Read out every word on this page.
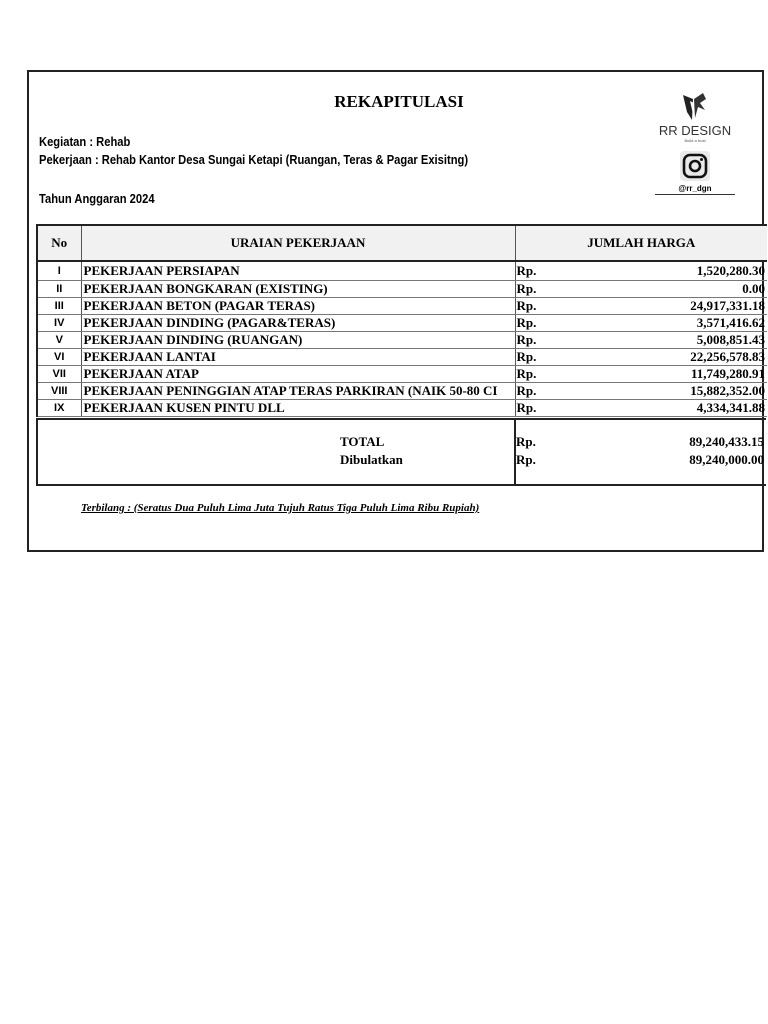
REKAPITULASI
Kegiatan : Rehab
Pekerjaan : Rehab Kantor Desa Sungai Ketapi (Ruangan, Teras & Pagar Exisitng)
Tahun Anggaran 2024
RR DESIGN
Build a trust
@rr_dgn
No	URAIAN PEKERJAAN	JUMLAH HARGA	

I	PEKERJAAN PERSIAPAN	Rp.	1,520,280.30
II	PEKERJAAN BONGKARAN (EXISTING)	Rp.	0.00
III	PEKERJAAN BETON (PAGAR TERAS)	Rp.	24,917,331.18
IV	PEKERJAAN DINDING (PAGAR&TERAS)	Rp.	3,571,416.62
V	PEKERJAAN DINDING (RUANGAN)	Rp.	5,008,851.43
VI	PEKERJAAN LANTAI	Rp.	22,256,578.83
VII	PEKERJAAN ATAP	Rp.	11,749,280.91
VIII	PEKERJAAN PENINGGIAN ATAP TERAS PARKIRAN (NAIK 50-80 CI	Rp.	15,882,352.00
IX	PEKERJAAN KUSEN PINTU DLL	Rp.	4,334,341.88
TOTAL	Rp.	89,240,433.15
Dibulatkan	Rp.	89,240,000.00
Terbilang : (Seratus Dua Puluh Lima Juta Tujuh Ratus Tiga Puluh Lima Ribu Rupiah)
